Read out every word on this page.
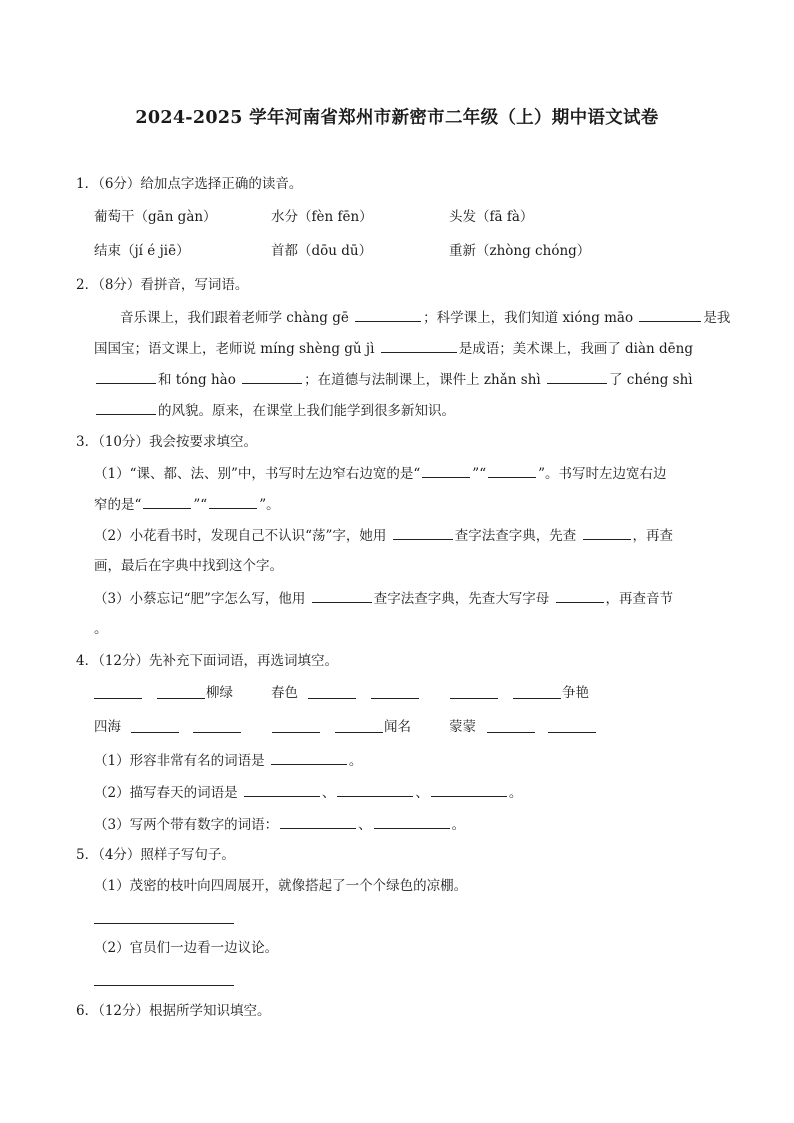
2024-2025 学年河南省郑州市新密市二年级（上）期中语文试卷
1．（6分）给加点字选择正确的读音。
葡萄干（gān gàn）	水分（fèn fēn）	头发（fā fà）
结束（jí é jiē）	首都（dōu dū）	重新（zhòng chóng）
2．（8分）看拼音，写词语。
音乐课上，我们跟着老师学 chàng gē	；科学课上，我们知道 xióng māo	是我
国国宝；语文课上，老师说 míng shèng gǔ jì	是成语；美术课上，我画了 diàn dēng
和 tóng hào	；在道德与法制课上，课件上 zhǎn shì	了 chéng shì
的风貌。原来，在课堂上我们能学到很多新知识。
3．（10分）我会按要求填空。
（1）“课、都、法、别”中，书写时左边窄右边宽的是“	”“	”。书写时左边宽右边
窄的是“	”“	”。
（2）小花看书时，发现自己不认识“荡”字，她用	查字法查字典，先查	，再查
画，最后在字典中找到这个字。
（3）小蔡忘记“肥”字怎么写，他用	查字法查字典，先查大写字母	，再查音节
。
4．（12分）先补充下面词语，再选词填空。
柳绿	春色	争艳
四海	闻名	蒙蒙
（1）形容非常有名的词语是	。
（2）描写春天的词语是	、	、	。
（3）写两个带有数字的词语：	、	。
5．（4分）照样子写句子。
（1）茂密的枝叶向四周展开，就像搭起了一个个绿色的凉棚。
（2）官员们一边看一边议论。
6．（12分）根据所学知识填空。
